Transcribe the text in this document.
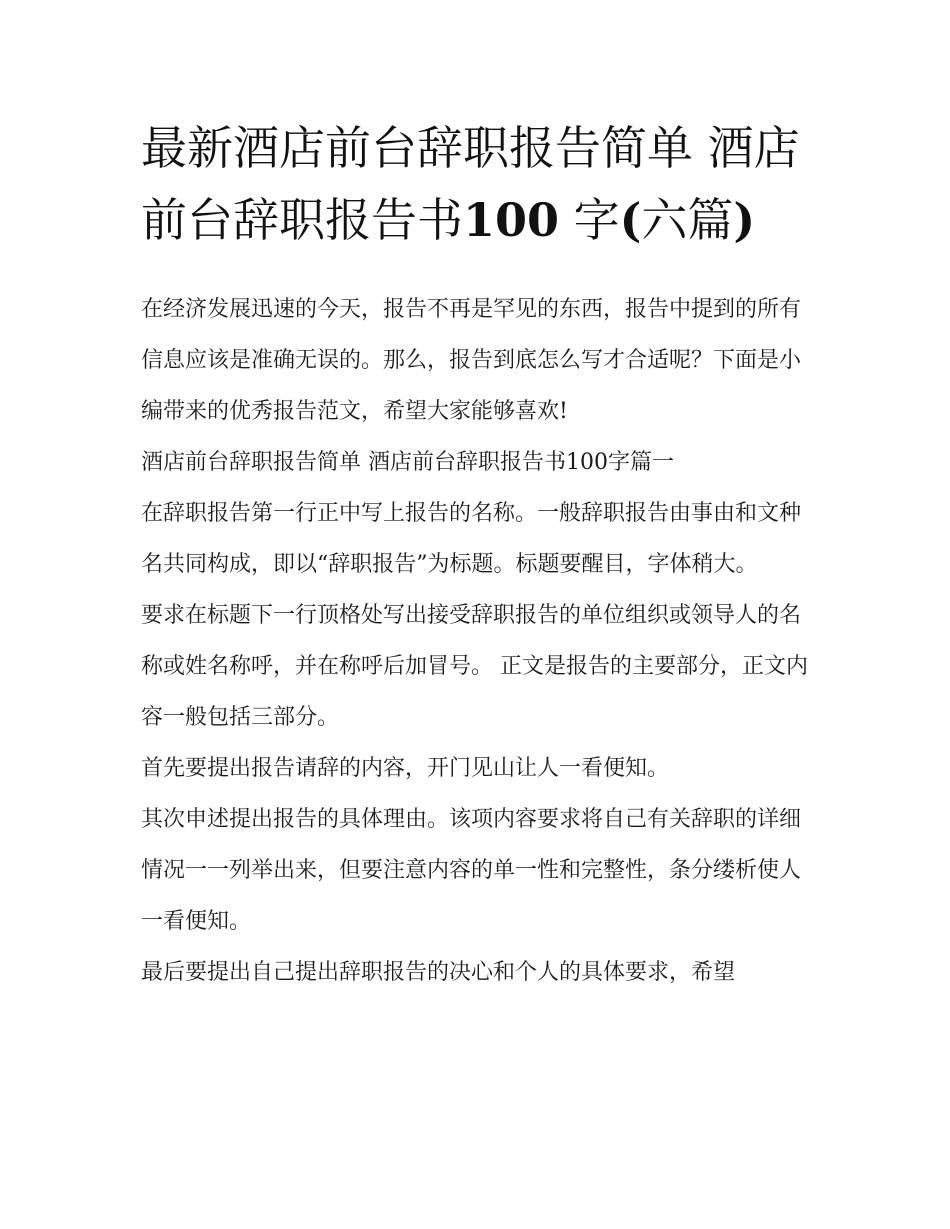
最新酒店前台辞职报告简单 酒店前台辞职报告书100 字(六篇)

在经济发展迅速的今天，报告不再是罕见的东西，报告中提到的所有信息应该是准确无误的。那么，报告到底怎么写才合适呢？下面是小编带来的优秀报告范文，希望大家能够喜欢!

酒店前台辞职报告简单 酒店前台辞职报告书100字篇一

在辞职报告第一行正中写上报告的名称。一般辞职报告由事由和文种名共同构成，即以“辞职报告”为标题。标题要醒目，字体稍大。

要求在标题下一行顶格处写出接受辞职报告的单位组织或领导人的名称或姓名称呼，并在称呼后加冒号。 正文是报告的主要部分，正文内容一般包括三部分。

首先要提出报告请辞的内容，开门见山让人一看便知。

其次申述提出报告的具体理由。该项内容要求将自己有关辞职的详细情况一一列举出来，但要注意内容的单一性和完整性，条分缕析使人一看便知。

最后要提出自己提出辞职报告的决心和个人的具体要求，希望
